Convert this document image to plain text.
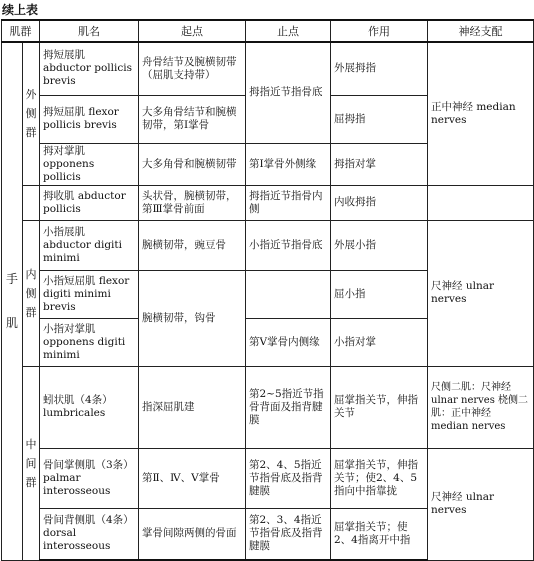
续上表
肌群		肌名	起点	止点	作用	神经支配
手肌	外侧群	拇短展肌 abductor pollicis brevis	舟骨结节及腕横韧带（屈肌支持带）	拇指近节指骨底	外展拇指	正中神经 median nerves
		拇短屈肌 flexor pollicis brevis	大多角骨结节和腕横韧带，第Ⅰ掌骨		屈拇指	
		拇对掌肌 opponens pollicis	大多角骨和腕横韧带	第Ⅰ掌骨外侧缘	拇指对掌	
		拇收肌 abductor pollicis	头状骨，腕横韧带，第Ⅲ掌骨前面	拇指近节指骨内侧	内收拇指	
	内侧群	小指展肌 abductor digiti minimi	腕横韧带，豌豆骨	小指近节指骨底	外展小指	尺神经 ulnar nerves
		小指短屈肌 flexor digiti minimi brevis	腕横韧带，钩骨		屈小指	
		小指对掌肌 opponens digiti minimi		第Ⅴ掌骨内侧缘	小指对掌	
	中间群	蚓状肌（4条）lumbricales	指深屈肌建	第2~5指近节指骨背面及指背腱膜	屈掌指关节，伸指关节	尺侧二肌：尺神经 ulnar nerves 桡侧二肌：正中神经 median nerves
		骨间掌侧肌（3条）palmar interosseous	第Ⅱ、Ⅳ、Ⅴ掌骨	第2、4、5指近节指骨底及指背腱膜	屈掌指关节，伸指关节；使2、4、5指向中指靠拢	尺神经 ulnar nerves
		骨间背侧肌（4条）dorsal interosseous	掌骨间隙两侧的骨面	第2、3、4指近节指骨底及指背腱膜	屈掌指关节；使2、4指离开中指	
